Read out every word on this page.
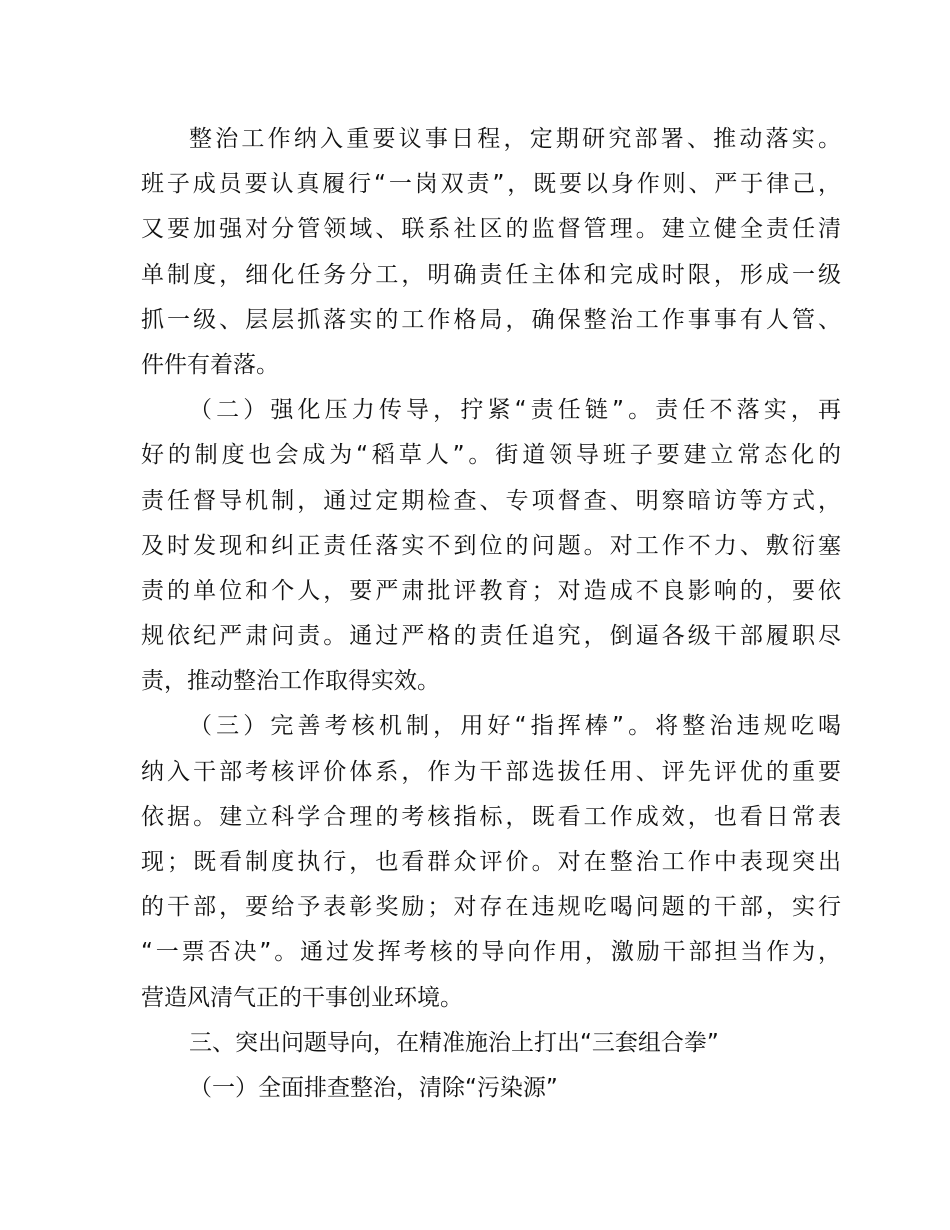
整治工作纳入重要议事日程，定期研究部署、推动落实。
班子成员要认真履行“一岗双责”，既要以身作则、严于律己，
又要加强对分管领域、联系社区的监督管理。建立健全责任清
单制度，细化任务分工，明确责任主体和完成时限，形成一级
抓一级、层层抓落实的工作格局，确保整治工作事事有人管、
件件有着落。
（二）强化压力传导，拧紧“责任链”。责任不落实，再
好的制度也会成为“稻草人”。街道领导班子要建立常态化的
责任督导机制，通过定期检查、专项督查、明察暗访等方式，
及时发现和纠正责任落实不到位的问题。对工作不力、敷衍塞
责的单位和个人，要严肃批评教育；对造成不良影响的，要依
规依纪严肃问责。通过严格的责任追究，倒逼各级干部履职尽
责，推动整治工作取得实效。
（三）完善考核机制，用好“指挥棒”。将整治违规吃喝
纳入干部考核评价体系，作为干部选拔任用、评先评优的重要
依据。建立科学合理的考核指标，既看工作成效，也看日常表
现；既看制度执行，也看群众评价。对在整治工作中表现突出
的干部，要给予表彰奖励；对存在违规吃喝问题的干部，实行
“一票否决”。通过发挥考核的导向作用，激励干部担当作为，
营造风清气正的干事创业环境。
三、突出问题导向，在精准施治上打出“三套组合拳”
（一）全面排查整治，清除“污染源”
